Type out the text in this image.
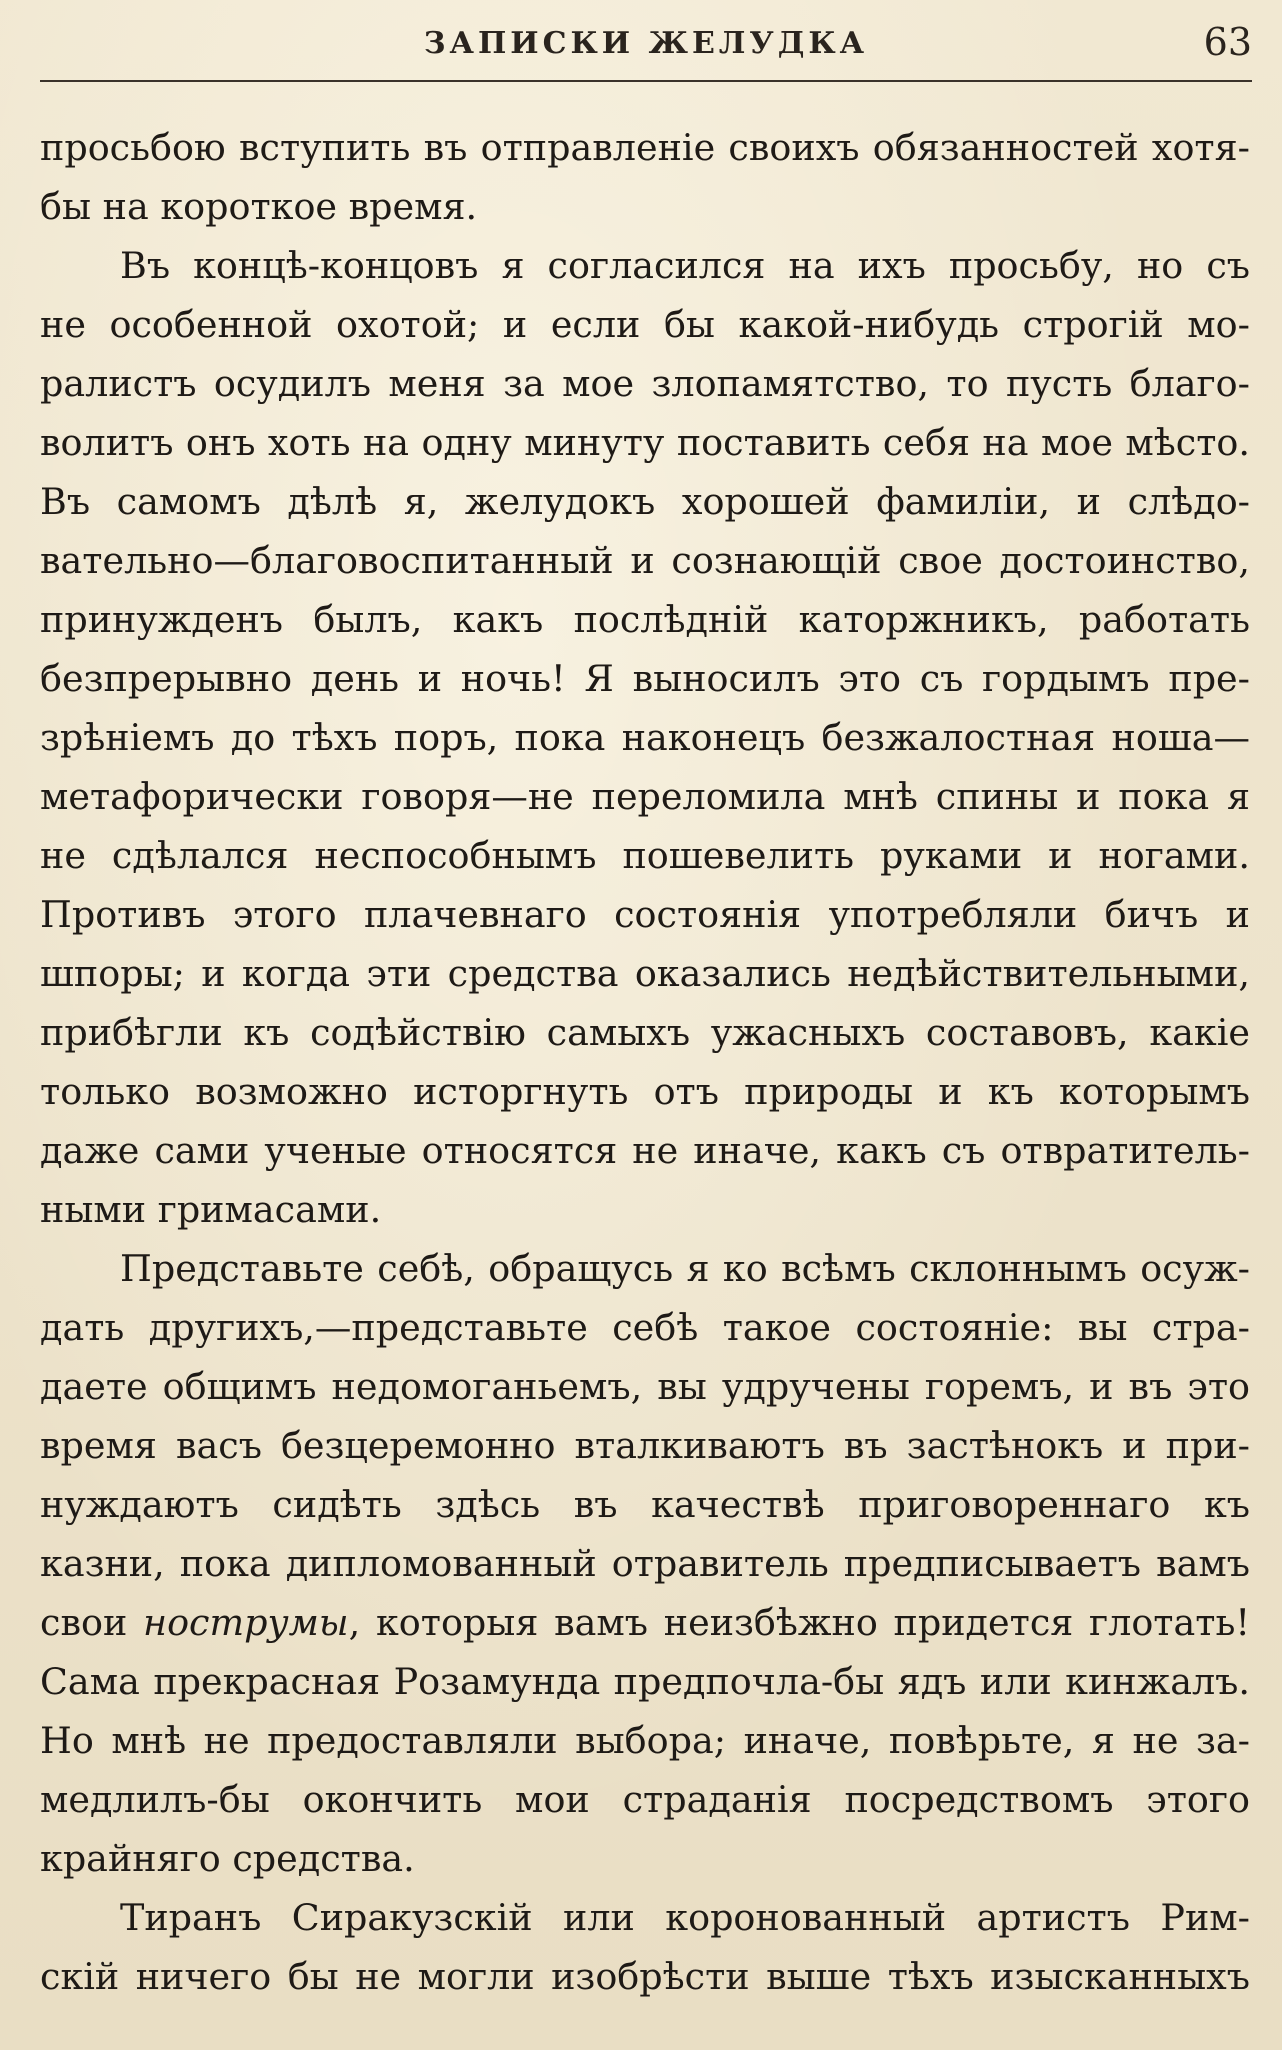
ЗАПИСКИ ЖЕЛУДКА	63
просьбою вступить въ отправленіе своихъ обязанностей хотя-
бы на короткое время.
Въ концѣ-концовъ я согласился на ихъ просьбу, но съ
не особенной охотой; и если бы какой-нибудь строгій мо-
ралистъ осудилъ меня за мое злопамятство, то пусть благо-
волитъ онъ хоть на одну минуту поставить себя на мое мѣсто.
Въ самомъ дѣлѣ я, желудокъ хорошей фамиліи, и слѣдо-
вательно—благовоспитанный и сознающій свое достоинство,
принужденъ былъ, какъ послѣдній каторжникъ, работать
безпрерывно день и ночь! Я выносилъ это съ гордымъ пре-
зрѣніемъ до тѣхъ поръ, пока наконецъ безжалостная ноша—
метафорически говоря—не переломила мнѣ спины и пока я
не сдѣлался неспособнымъ пошевелить руками и ногами.
Противъ этого плачевнаго состоянія употребляли бичъ и
шпоры; и когда эти средства оказались недѣйствительными,
прибѣгли къ содѣйствію самыхъ ужасныхъ составовъ, какіе
только возможно исторгнуть отъ природы и къ которымъ
даже сами ученые относятся не иначе, какъ съ отвратитель-
ными гримасами.
Представьте себѣ, обращусь я ко всѣмъ склоннымъ осуж-
дать другихъ,—представьте себѣ такое состояніе: вы стра-
даете общимъ недомоганьемъ, вы удручены горемъ, и въ это
время васъ безцеремонно вталкиваютъ въ застѣнокъ и при-
нуждаютъ сидѣть здѣсь въ качествѣ приговореннаго къ
казни, пока дипломованный отравитель предписываетъ вамъ
свои нострумы, которыя вамъ неизбѣжно придется глотать!
Сама прекрасная Розамунда предпочла-бы ядъ или кинжалъ.
Но мнѣ не предоставляли выбора; иначе, повѣрьте, я не за-
медлилъ-бы окончить мои страданія посредствомъ этого
крайняго средства.
Тиранъ Сиракузскій или коронованный артистъ Рим-
скій ничего бы не могли изобрѣсти выше тѣхъ изысканныхъ
